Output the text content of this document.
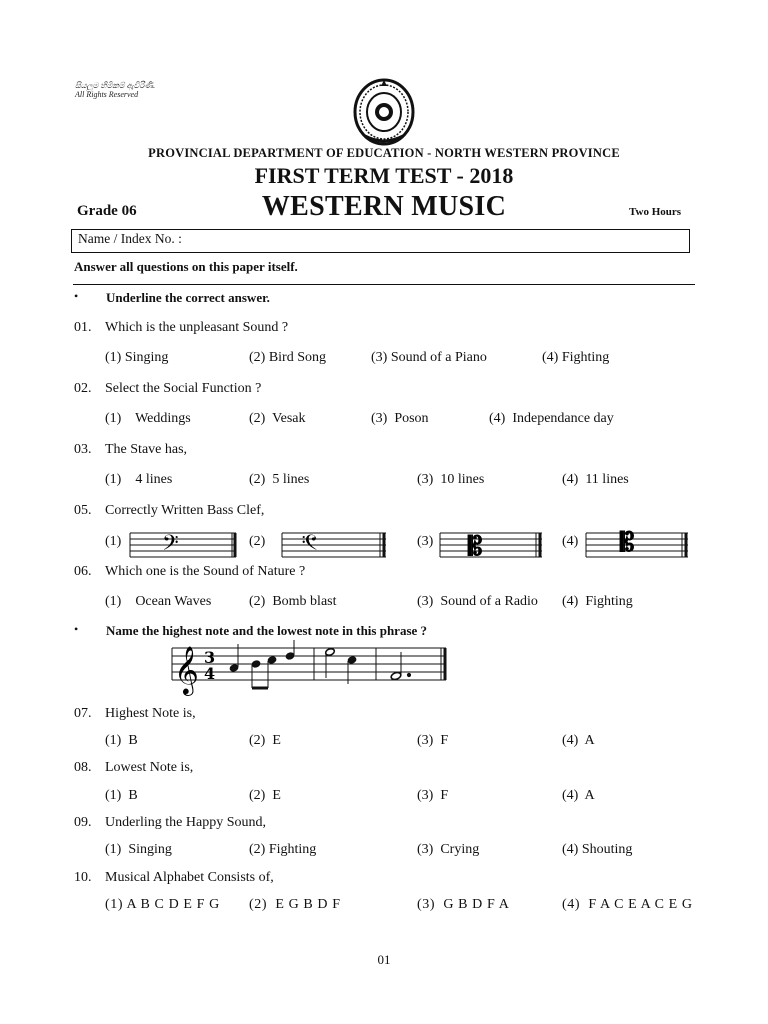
සියලුම හිමිකම් ඇවිරිණි.
All Rights Reserved
PROVINCIAL DEPARTMENT OF EDUCATION - NORTH WESTERN PROVINCE
FIRST TERM TEST - 2018
Grade 06	WESTERN MUSIC	Two Hours
Name / Index No. :
Answer all questions on this paper itself.
• Underline the correct answer.
01. Which is the unpleasant Sound ?
(1) Singing	(2) Bird Song	(3) Sound of a Piano	(4) Fighting
02. Select the Social Function ?
(1)    Weddings	(2)  Vesak	(3)  Poson	(4)  Independance day
03. The Stave has,
(1)    4 lines	(2)  5 lines	(3)  10 lines	(4)  11 lines
05. Correctly Written Bass Clef,
(1)	(2)	(3)	(4)
𝄢	𝄢	𝄡	𝄡
06. Which one is the Sound of Nature ?
(1)    Ocean Waves	(2)  Bomb blast	(3)  Sound of a Radio (4)  Fighting
• Name the highest note and the lowest note in this phrase ?
𝄞 3
4
07. Highest Note is,
(1)  B	(2)  E	(3)  F	(4)  A
08. Lowest Note is,
(1)  B	(2)  E	(3)  F	(4)  A
09. Underling the Happy Sound,
(1)  Singing	(2) Fighting	(3)  Crying	(4) Shouting
10. Musical Alphabet Consists of,
(1) A B C D E F G (2)  E G B D F	(3)  G B D F A	(4)  F A C E A C E G
01
